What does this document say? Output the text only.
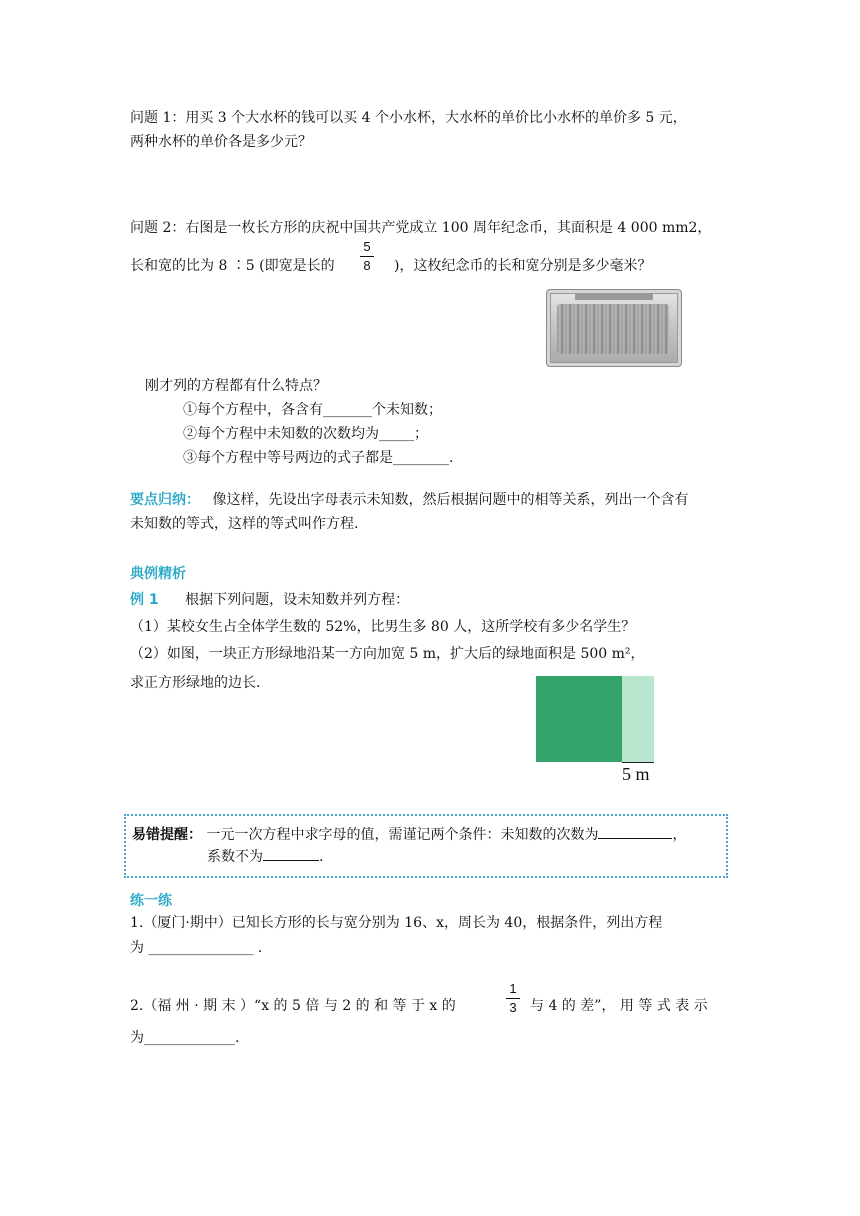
问题 1：用买 3 个大水杯的钱可以买 4 个小水杯，大水杯的单价比小水杯的单价多 5 元，
两种水杯的单价各是多少元？
问题 2：右图是一枚长方形的庆祝中国共产党成立 100 周年纪念币，其面积是 4 000 mm2，
长和宽的比为 8 ∶5 (即宽是长的
5
8 )，这枚纪念币的长和宽分别是多少毫米？
刚才列的方程都有什么特点？
①每个方程中，各含有_______个未知数；
②每个方程中未知数的次数均为_____；
③每个方程中等号两边的式子都是________.
要点归纳： 像这样，先设出字母表示未知数，然后根据问题中的相等关系，列出一个含有
未知数的等式，这样的等式叫作方程.
典例精析
例 1 根据下列问题，设未知数并列方程：
（1）某校女生占全体学生数的 52%，比男生多 80 人，这所学校有多少名学生？
（2）如图，一块正方形绿地沿某一方向加宽 5 m，扩大后的绿地面积是 500 m²，
求正方形绿地的边长.
5 m
易错提醒： 一元一次方程中求字母的值，需谨记两个条件：未知数的次数为	，
系数不为	.
练一练
1.（厦门·期中）已知长方形的长与宽分别为 16、x，周长为 40，根据条件，列出方程
为 _______________ .
2.（福 州 · 期 末 ）“x 的 5 倍 与 2 的 和 等 于 x 的
1
3 与 4 的 差”， 用 等 式 表 示
为_____________.
